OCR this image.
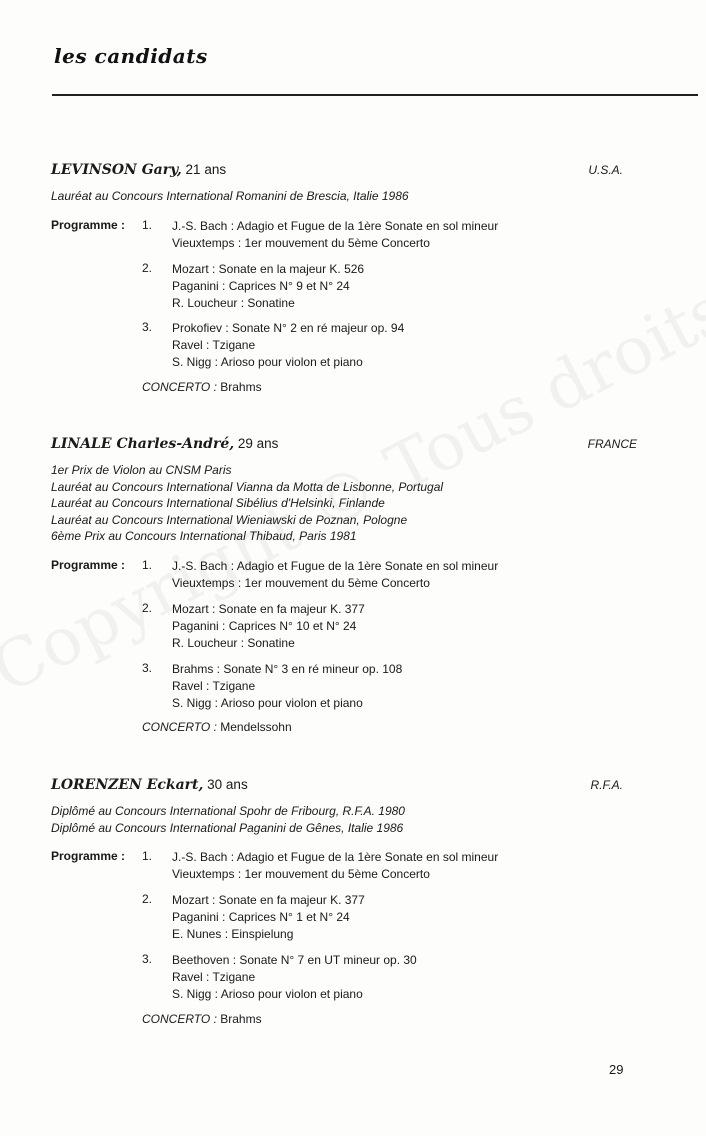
les candidats
LEVINSON Gary, 21 ans	U.S.A.
Lauréat au Concours International Romanini de Brescia, Italie 1986
Programme : 1. J.-S. Bach : Adagio et Fugue de la 1ère Sonate en sol mineur
Vieuxtemps : 1er mouvement du 5ème Concerto
2. Mozart : Sonate en la majeur K. 526
Paganini : Caprices N° 9 et N° 24
R. Loucheur : Sonatine
3. Prokofiev : Sonate N° 2 en ré majeur op. 94
Ravel : Tzigane
S. Nigg : Arioso pour violon et piano
CONCERTO : Brahms
LINALE Charles-André, 29 ans	FRANCE
1er Prix de Violon au CNSM Paris
Lauréat au Concours International Vianna da Motta de Lisbonne, Portugal
Lauréat au Concours International Sibélius d'Helsinki, Finlande
Lauréat au Concours International Wieniawski de Poznan, Pologne
6ème Prix au Concours International Thibaud, Paris 1981
Programme : 1. J.-S. Bach : Adagio et Fugue de la 1ère Sonate en sol mineur
Vieuxtemps : 1er mouvement du 5ème Concerto
2. Mozart : Sonate en fa majeur K. 377
Paganini : Caprices N° 10 et N° 24
R. Loucheur : Sonatine
3. Brahms : Sonate N° 3 en ré mineur op. 108
Ravel : Tzigane
S. Nigg : Arioso pour violon et piano
CONCERTO : Mendelssohn
LORENZEN Eckart, 30 ans	R.F.A.
Diplômé au Concours International Spohr de Fribourg, R.F.A. 1980
Diplômé au Concours International Paganini de Gênes, Italie 1986
Programme : 1. J.-S. Bach : Adagio et Fugue de la 1ère Sonate en sol mineur
Vieuxtemps : 1er mouvement du 5ème Concerto
2. Mozart : Sonate en fa majeur K. 377
Paganini : Caprices N° 1 et N° 24
E. Nunes : Einspielung
3. Beethoven : Sonate N° 7 en UT mineur op. 30
Ravel : Tzigane
S. Nigg : Arioso pour violon et piano
CONCERTO : Brahms
29
